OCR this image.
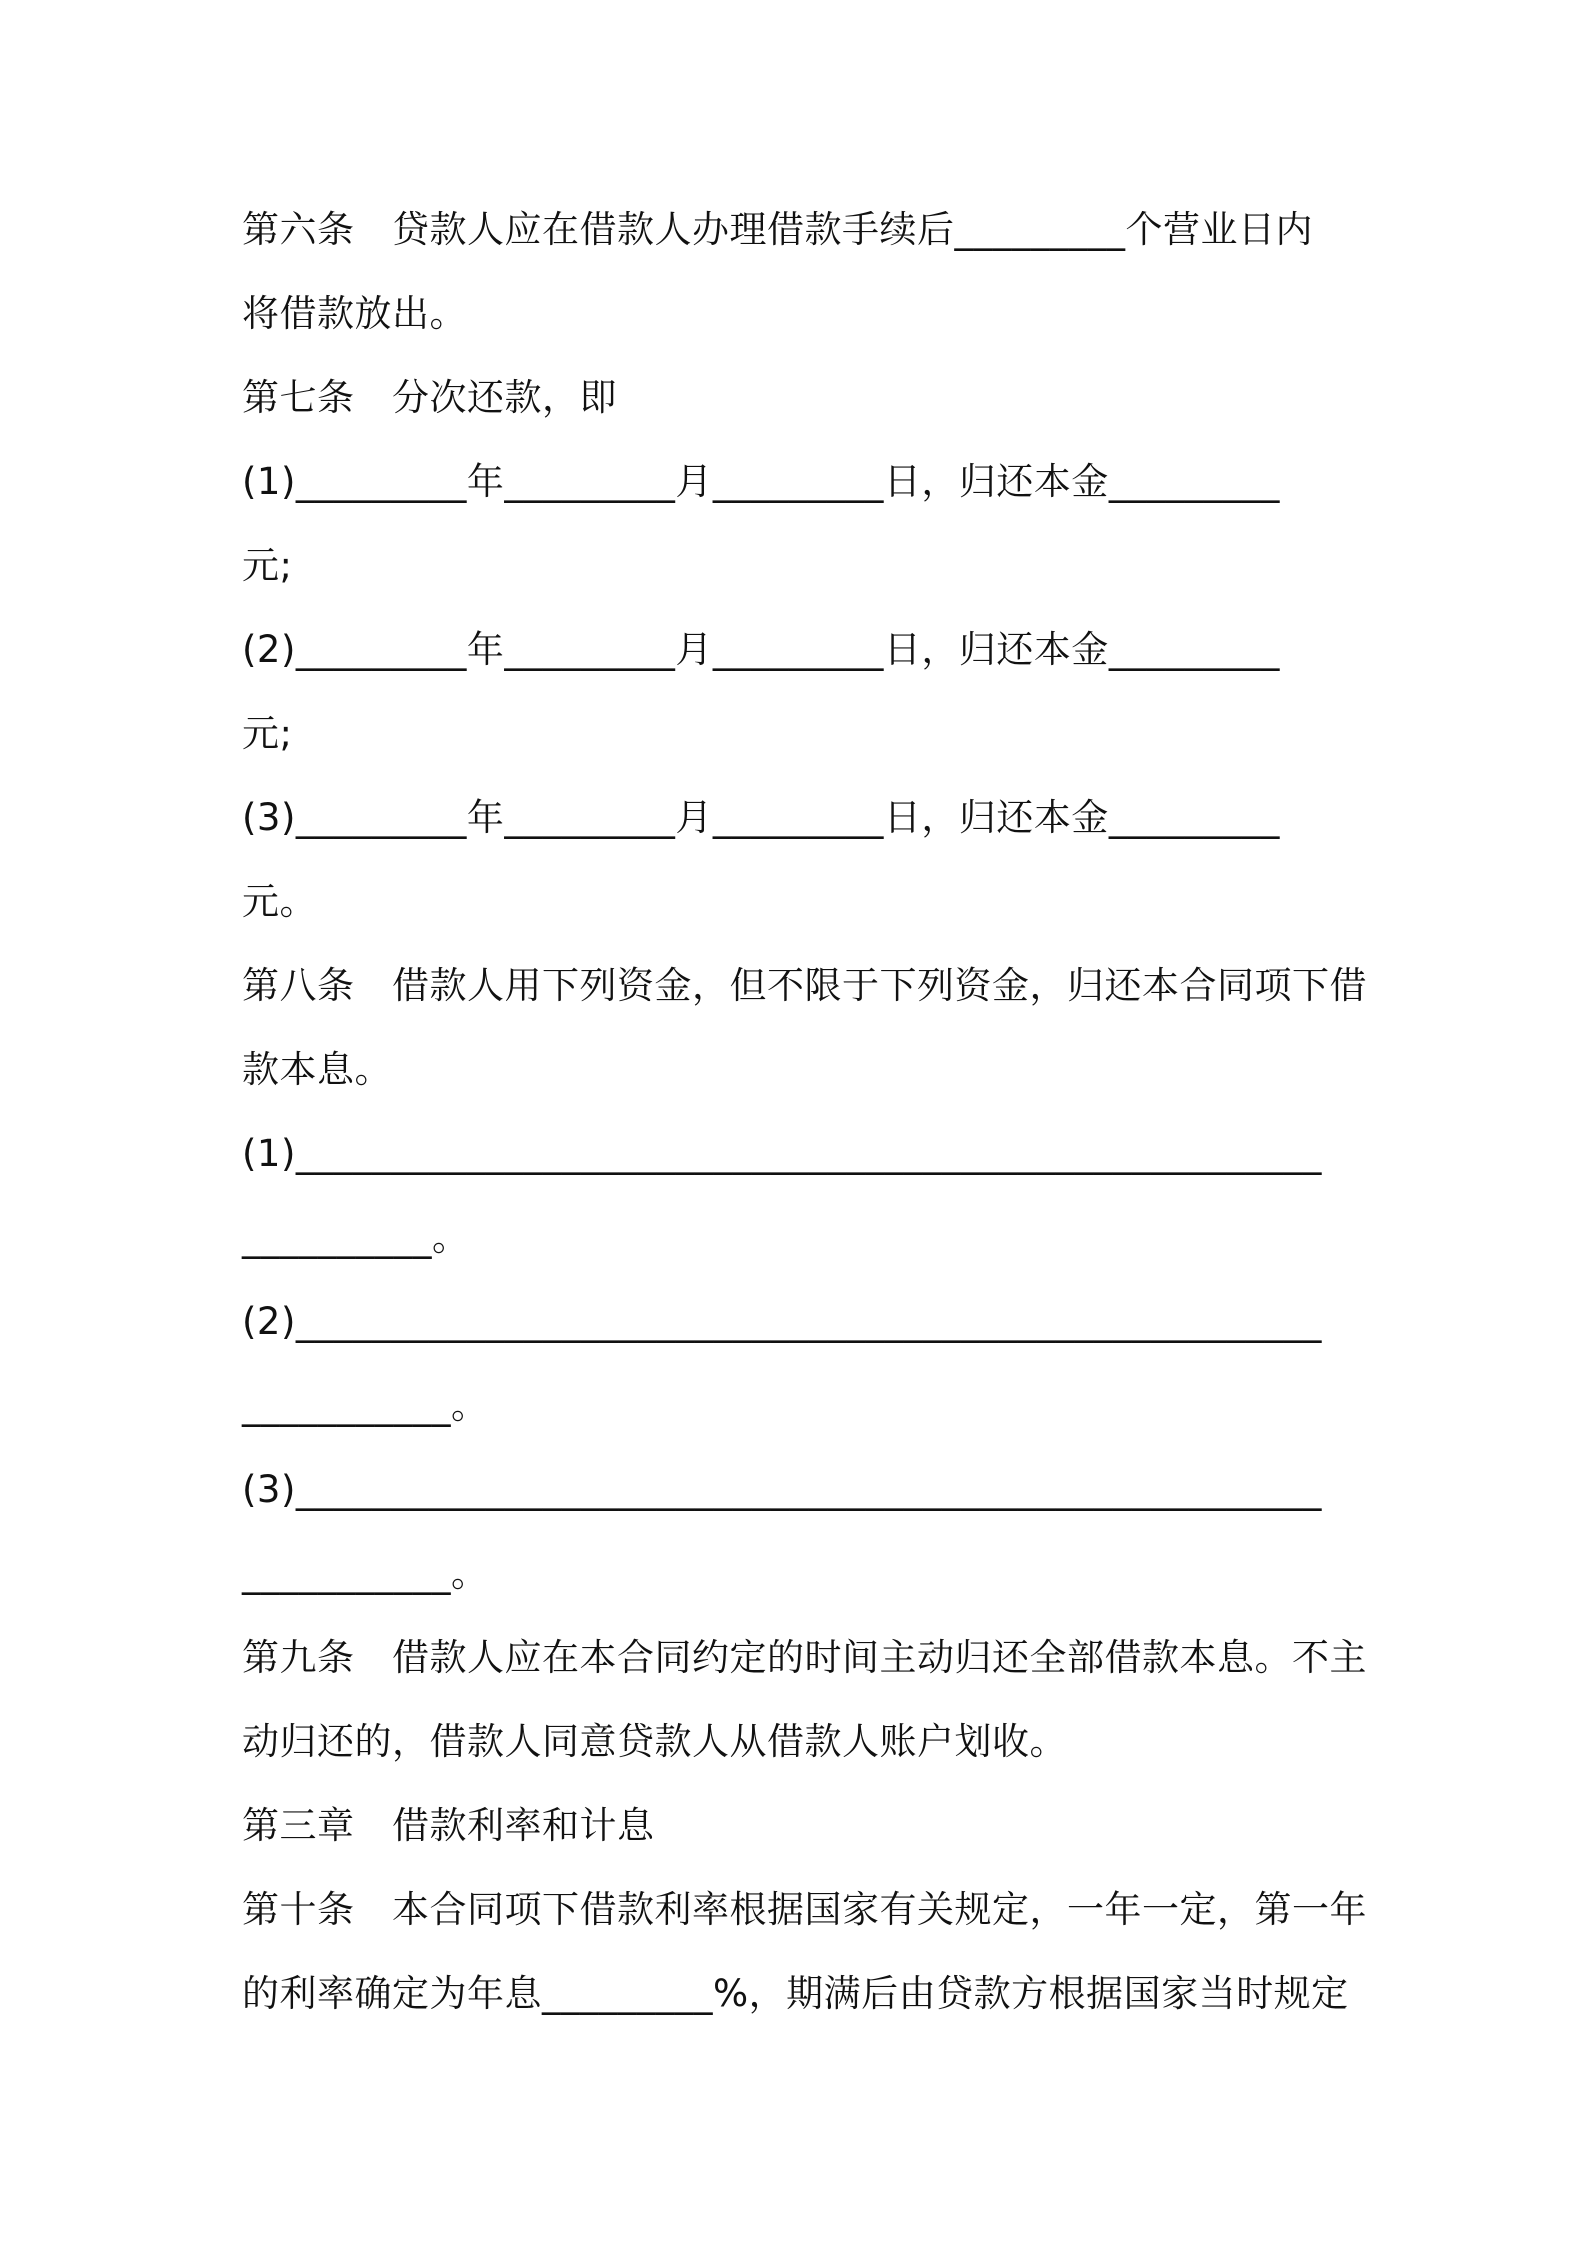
第六条　贷款人应在借款人办理借款手续后_________个营业日内
将借款放出。
第七条　分次还款，即
(1)_________年_________月_________日，归还本金_________
元;
(2)_________年_________月_________日，归还本金_________
元;
(3)_________年_________月_________日，归还本金_________
元。
第八条　借款人用下列资金，但不限于下列资金，归还本合同项下借
款本息。
(1)______________________________________________________
__________。
(2)______________________________________________________
___________。
(3)______________________________________________________
___________。
第九条　借款人应在本合同约定的时间主动归还全部借款本息。不主
动归还的，借款人同意贷款人从借款人账户划收。
第三章　借款利率和计息
第十条　本合同项下借款利率根据国家有关规定，一年一定，第一年
的利率确定为年息_________%，期满后由贷款方根据国家当时规定
